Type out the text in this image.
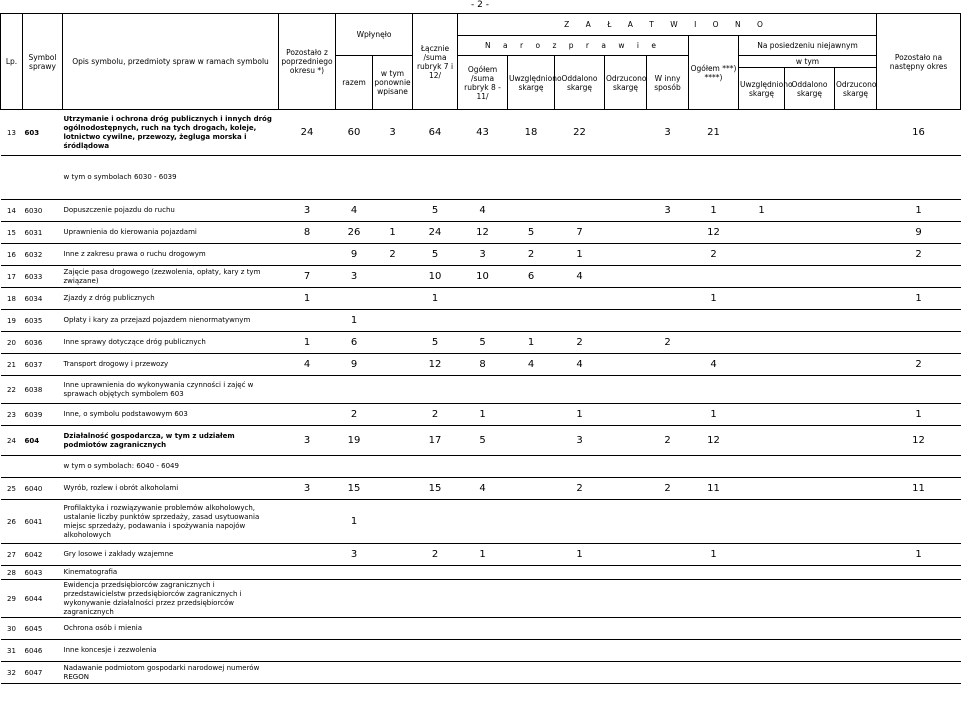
- 2 -
Lp.	Symbol sprawy	Opis symbolu, przedmioty spraw w ramach symbolu	Pozostało z poprzedniego okresu *)	Wpłynęło		Łącznie /suma rubryk 7 i 12/	Z A Ł A T W I O N O									Pozostało na następny okres	
							N a r o z p r a w i e					Ogółem ***) ****)	Na posiedzeniu niejawnym				
				razem	w tym ponownie wpisane		Ogółem /suma rubryk 8 - 11/	Uwzględniono skargę	Oddalono skargę	Odrzucono skargę	W inny sposób		w tym				
													Uwzględniono skargę	Oddalono skargę	Odrzucono skargę		
13	603	Utrzymanie i ochrona dróg publicznych i innych dróg ogólnodostępnych, ruch na tych drogach, koleje, lotnictwo cywilne, przewozy, żegluga morska i śródlądowa	24	60	3	64	43	18	22		3	21				16	
		w tym o symbolach 6030 - 6039															
14	6030	Dopuszczenie pojazdu do ruchu	3	4		5	4				3	1	1			1	
15	6031	Uprawnienia do kierowania pojazdami	8	26	1	24	12	5	7			12				9	
16	6032	Inne z zakresu prawa o ruchu drogowym		9	2	5	3	2	1			2				2	
17	6033	Zajęcie pasa drogowego (zezwolenia, opłaty, kary z tym związane)	7	3		10	10	6	4								
18	6034	Zjazdy z dróg publicznych	1			1						1				1	
19	6035	Opłaty i kary za przejazd pojazdem nienormatywnym		1													
20	6036	Inne sprawy dotyczące dróg publicznych	1	6		5	5	1	2		2						
21	6037	Transport drogowy i przewozy	4	9		12	8	4	4			4				2	
22	6038	Inne uprawnienia do wykonywania czynności i zajęć w sprawach objętych symbolem 603															
23	6039	Inne, o symbolu podstawowym 603		2		2	1		1			1				1	
24	604	Działalność gospodarcza, w tym z udziałem podmiotów zagranicznych	3	19		17	5		3		2	12				12	
		w tym o symbolach: 6040 - 6049															
25	6040	Wyrób, rozlew i obrót alkoholami	3	15		15	4		2		2	11				11	
26	6041	Profilaktyka i rozwiązywanie problemów alkoholowych, ustalanie liczby punktów sprzedaży, zasad usytuowania miejsc sprzedaży, podawania i spożywania napojów alkoholowych		1													
27	6042	Gry losowe i zakłady wzajemne		3		2	1		1			1				1	
28	6043	Kinematografia															
29	6044	Ewidencja przedsiębiorców zagranicznych i przedstawicielstw przedsiębiorców zagranicznych i wykonywanie działalności przez przedsiębiorców zagranicznych															
30	6045	Ochrona osób i mienia															
31	6046	Inne koncesje i zezwolenia															
32	6047	Nadawanie podmiotom gospodarki narodowej numerów REGON															
